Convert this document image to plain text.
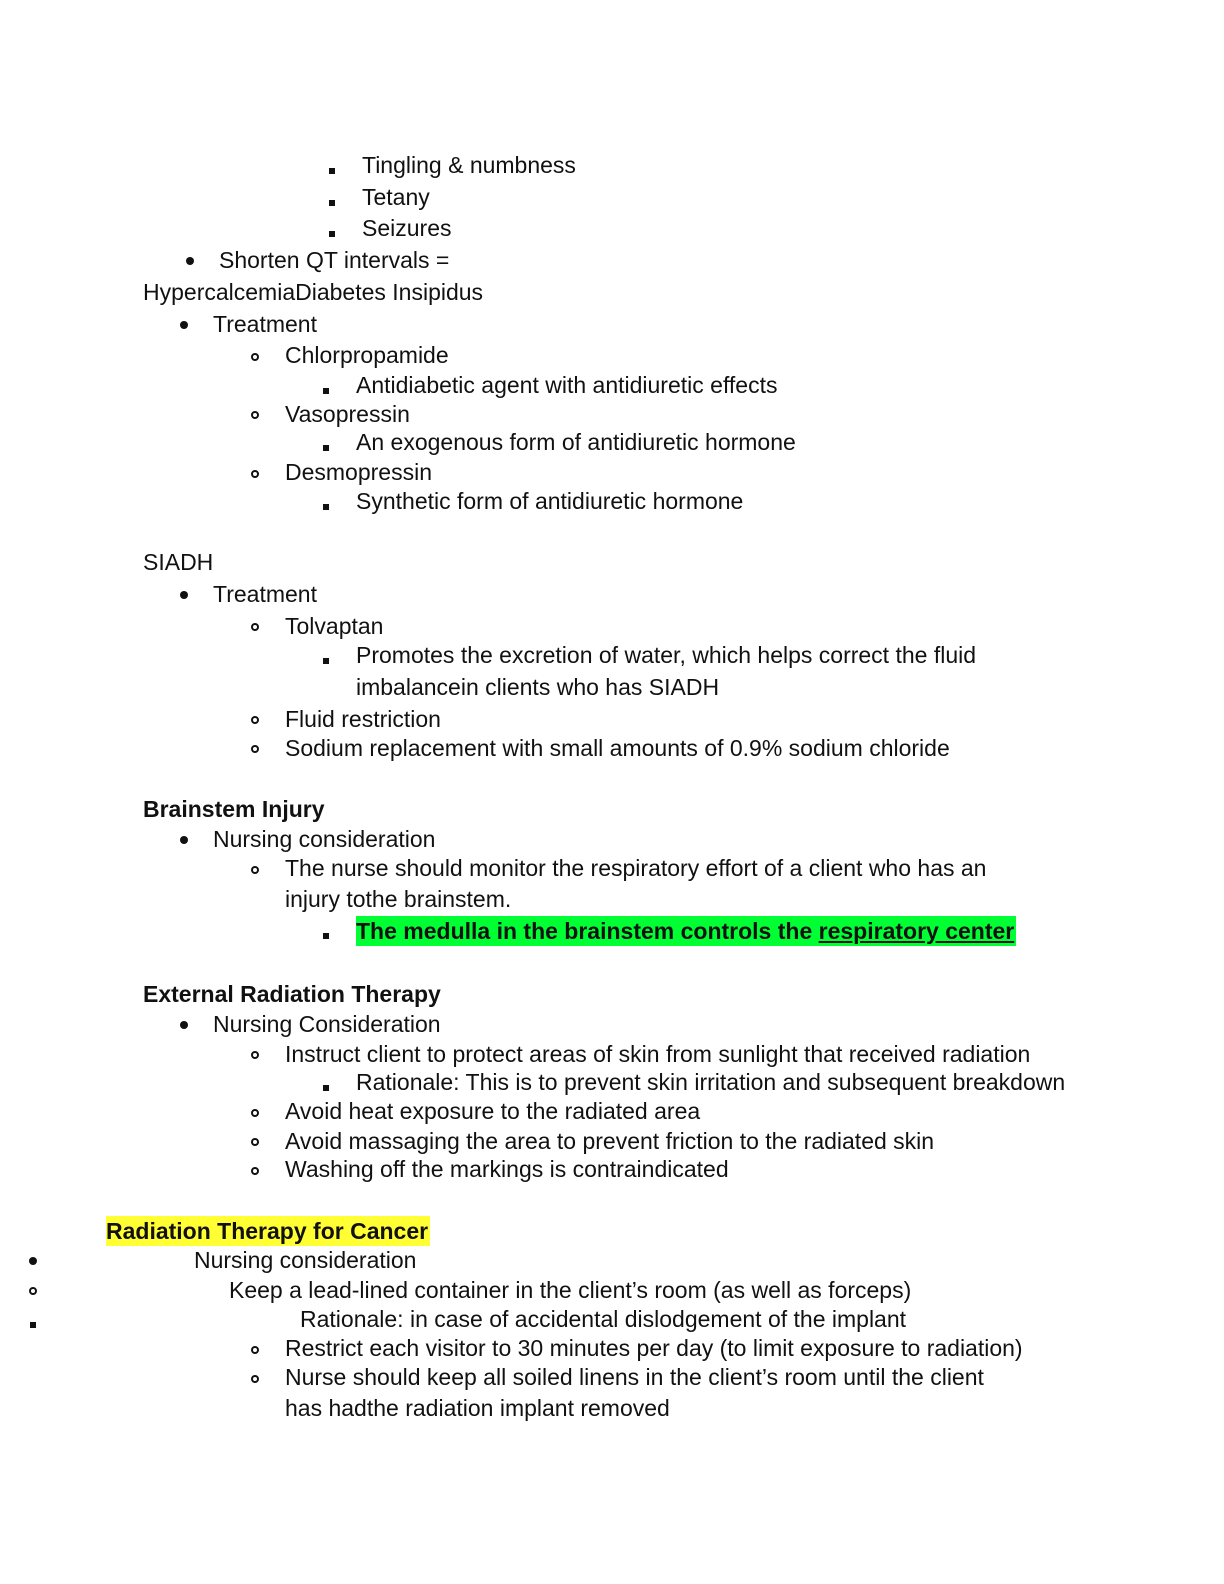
Tingling & numbness
Tetany
Seizures
Shorten QT intervals =
HypercalcemiaDiabetes Insipidus
Treatment
Chlorpropamide
Antidiabetic agent with antidiuretic effects
Vasopressin
An exogenous form of antidiuretic hormone
Desmopressin
Synthetic form of antidiuretic hormone
SIADH
Treatment
Tolvaptan
Promotes the excretion of water, which helps correct the fluid
imbalancein clients who has SIADH
Fluid restriction
Sodium replacement with small amounts of 0.9% sodium chloride
Brainstem Injury
Nursing consideration
The nurse should monitor the respiratory effort of a client who has an
injury tothe brainstem.
The medulla in the brainstem controls the respiratory center
External Radiation Therapy
Nursing Consideration
Instruct client to protect areas of skin from sunlight that received radiation
Rationale: This is to prevent skin irritation and subsequent breakdown
Avoid heat exposure to the radiated area
Avoid massaging the area to prevent friction to the radiated skin
Washing off the markings is contraindicated
Radiation Therapy for Cancer
Nursing consideration
Keep a lead-lined container in the client’s room (as well as forceps)
Rationale: in case of accidental dislodgement of the implant
Restrict each visitor to 30 minutes per day (to limit exposure to radiation)
Nurse should keep all soiled linens in the client’s room until the client
has hadthe radiation implant removed
